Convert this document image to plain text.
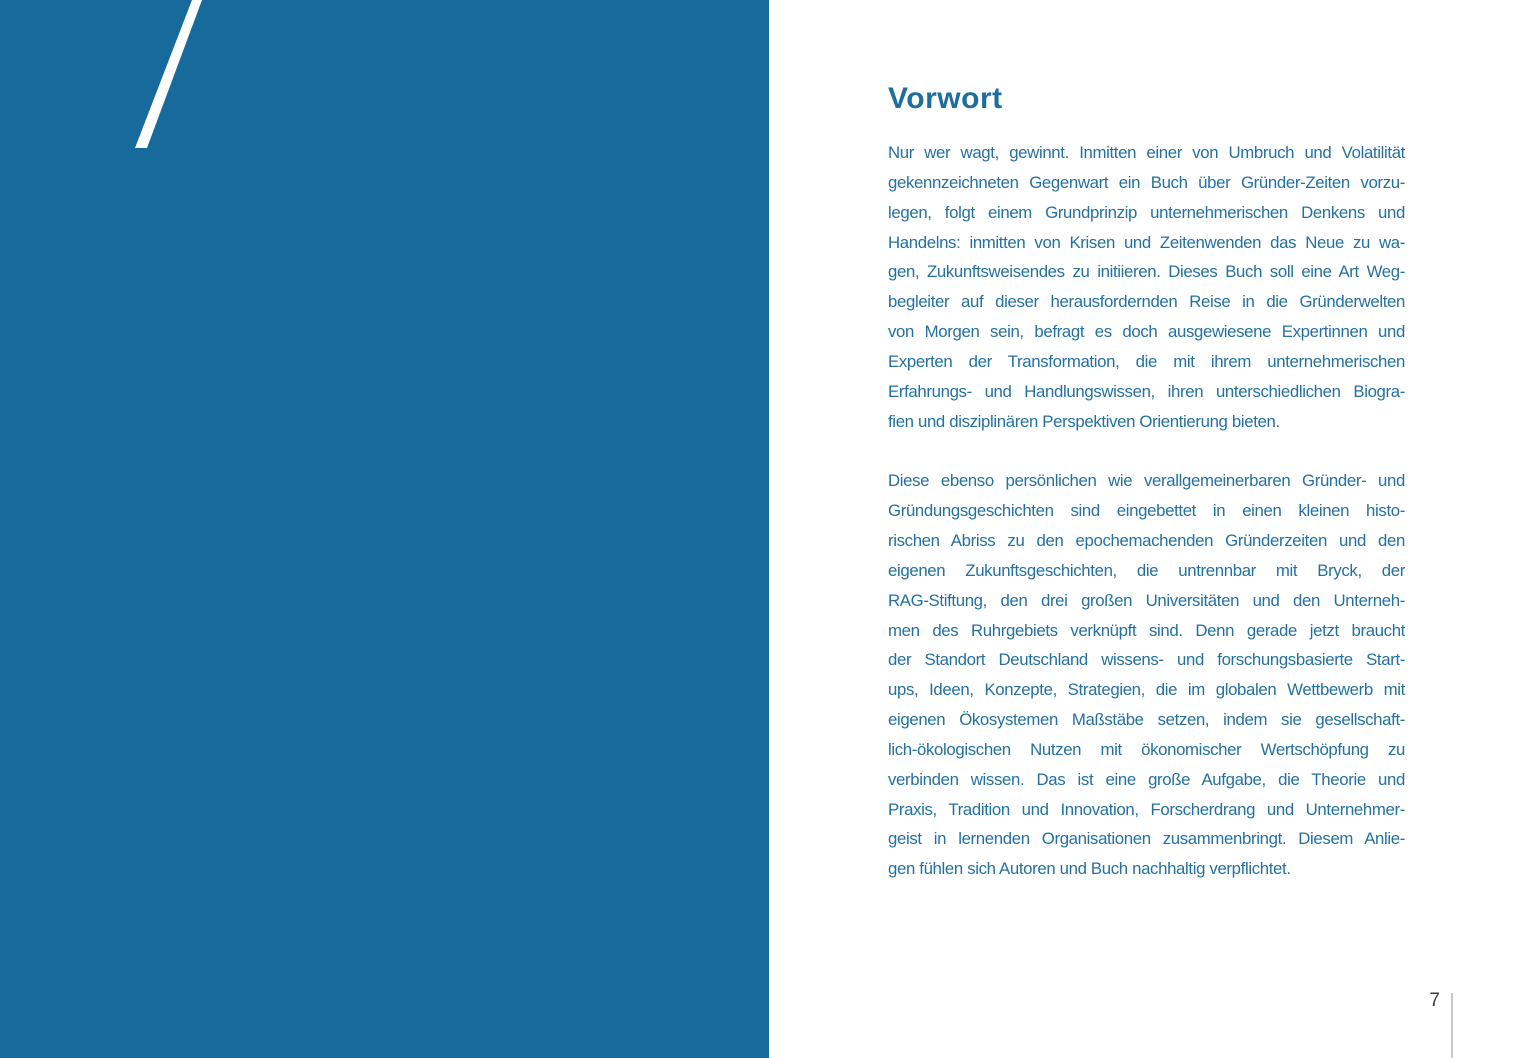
Vorwort
Nur wer wagt, gewinnt. Inmitten einer von Umbruch und Volatilität
gekennzeichneten Gegenwart ein Buch über Gründer-Zeiten vorzu-
legen, folgt einem Grundprinzip unternehmerischen Denkens und
Handelns: inmitten von Krisen und Zeitenwenden das Neue zu wa-
gen, Zukunftsweisendes zu initiieren. Dieses Buch soll eine Art Weg-
begleiter auf dieser herausfordernden Reise in die Gründerwelten
von Morgen sein, befragt es doch ausgewiesene Expertinnen und
Experten der Transformation, die mit ihrem unternehmerischen
Erfahrungs- und Handlungswissen, ihren unterschiedlichen Biogra-
fien und disziplinären Perspektiven Orientierung bieten.
Diese ebenso persönlichen wie verallgemeinerbaren Gründer- und
Gründungsgeschichten sind eingebettet in einen kleinen histo-
rischen Abriss zu den epochemachenden Gründerzeiten und den
eigenen Zukunftsgeschichten, die untrennbar mit Bryck, der
RAG-Stiftung, den drei großen Universitäten und den Unterneh-
men des Ruhrgebiets verknüpft sind. Denn gerade jetzt braucht
der Standort Deutschland wissens- und forschungsbasierte Start-
ups, Ideen, Konzepte, Strategien, die im globalen Wettbewerb mit
eigenen Ökosystemen Maßstäbe setzen, indem sie gesellschaft-
lich-ökologischen Nutzen mit ökonomischer Wertschöpfung zu
verbinden wissen. Das ist eine große Aufgabe, die Theorie und
Praxis, Tradition und Innovation, Forscherdrang und Unternehmer-
geist in lernenden Organisationen zusammenbringt. Diesem Anlie-
gen fühlen sich Autoren und Buch nachhaltig verpflichtet.
7
